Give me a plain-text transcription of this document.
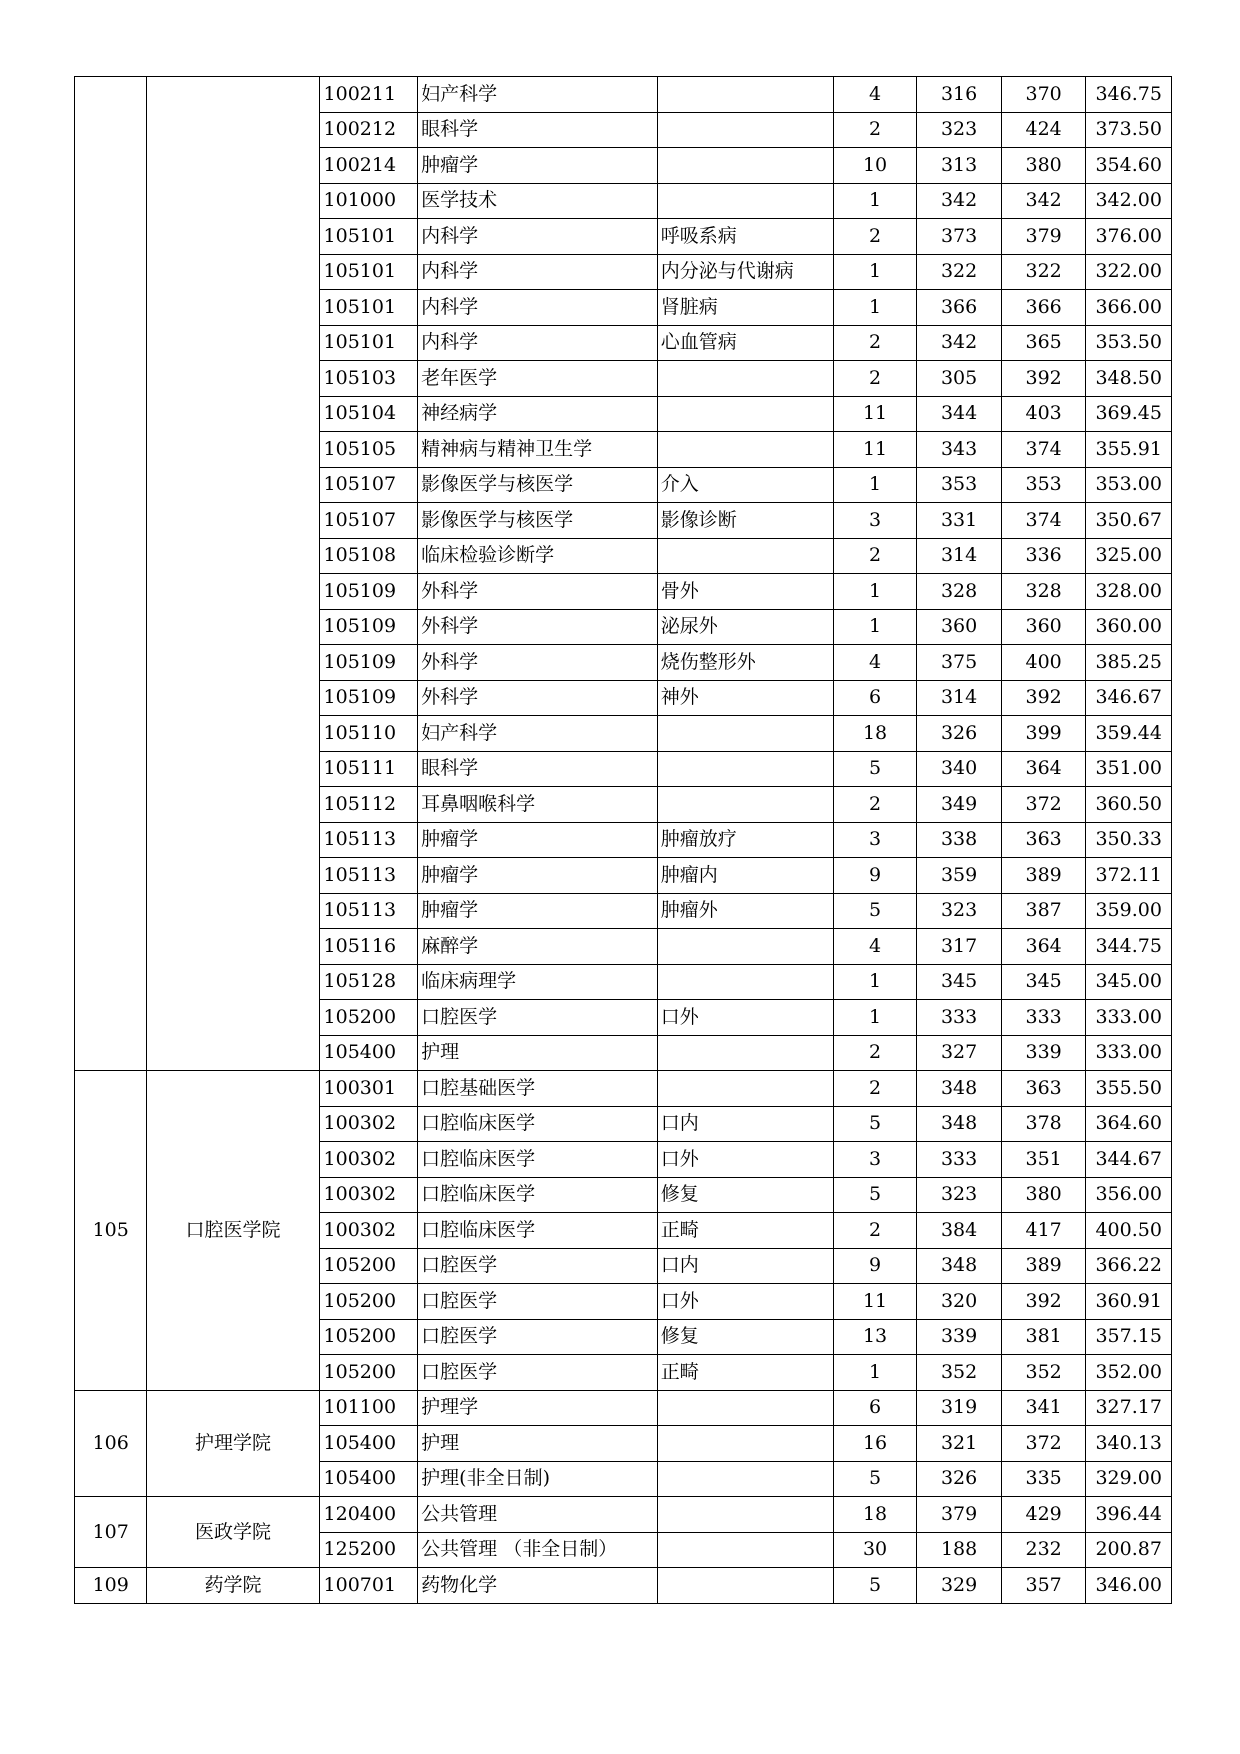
		100211	妇产科学		4	316	370	346.75
		100212	眼科学		2	323	424	373.50
		100214	肿瘤学		10	313	380	354.60
		101000	医学技术		1	342	342	342.00
		105101	内科学	呼吸系病	2	373	379	376.00
		105101	内科学	内分泌与代谢病	1	322	322	322.00
		105101	内科学	肾脏病	1	366	366	366.00
		105101	内科学	心血管病	2	342	365	353.50
		105103	老年医学		2	305	392	348.50
		105104	神经病学		11	344	403	369.45
		105105	精神病与精神卫生学		11	343	374	355.91
		105107	影像医学与核医学	介入	1	353	353	353.00
		105107	影像医学与核医学	影像诊断	3	331	374	350.67
		105108	临床检验诊断学		2	314	336	325.00
		105109	外科学	骨外	1	328	328	328.00
		105109	外科学	泌尿外	1	360	360	360.00
		105109	外科学	烧伤整形外	4	375	400	385.25
		105109	外科学	神外	6	314	392	346.67
		105110	妇产科学		18	326	399	359.44
		105111	眼科学		5	340	364	351.00
		105112	耳鼻咽喉科学		2	349	372	360.50
		105113	肿瘤学	肿瘤放疗	3	338	363	350.33
		105113	肿瘤学	肿瘤内	9	359	389	372.11
		105113	肿瘤学	肿瘤外	5	323	387	359.00
		105116	麻醉学		4	317	364	344.75
		105128	临床病理学		1	345	345	345.00
		105200	口腔医学	口外	1	333	333	333.00
		105400	护理		2	327	339	333.00
105	口腔医学院	100301	口腔基础医学		2	348	363	355.50
		100302	口腔临床医学	口内	5	348	378	364.60
		100302	口腔临床医学	口外	3	333	351	344.67
		100302	口腔临床医学	修复	5	323	380	356.00
		100302	口腔临床医学	正畸	2	384	417	400.50
		105200	口腔医学	口内	9	348	389	366.22
		105200	口腔医学	口外	11	320	392	360.91
		105200	口腔医学	修复	13	339	381	357.15
		105200	口腔医学	正畸	1	352	352	352.00
106	护理学院	101100	护理学		6	319	341	327.17
		105400	护理		16	321	372	340.13
		105400	护理(非全日制)		5	326	335	329.00
107	医政学院	120400	公共管理		18	379	429	396.44
		125200	公共管理 （非全日制）		30	188	232	200.87
109	药学院	100701	药物化学		5	329	357	346.00
